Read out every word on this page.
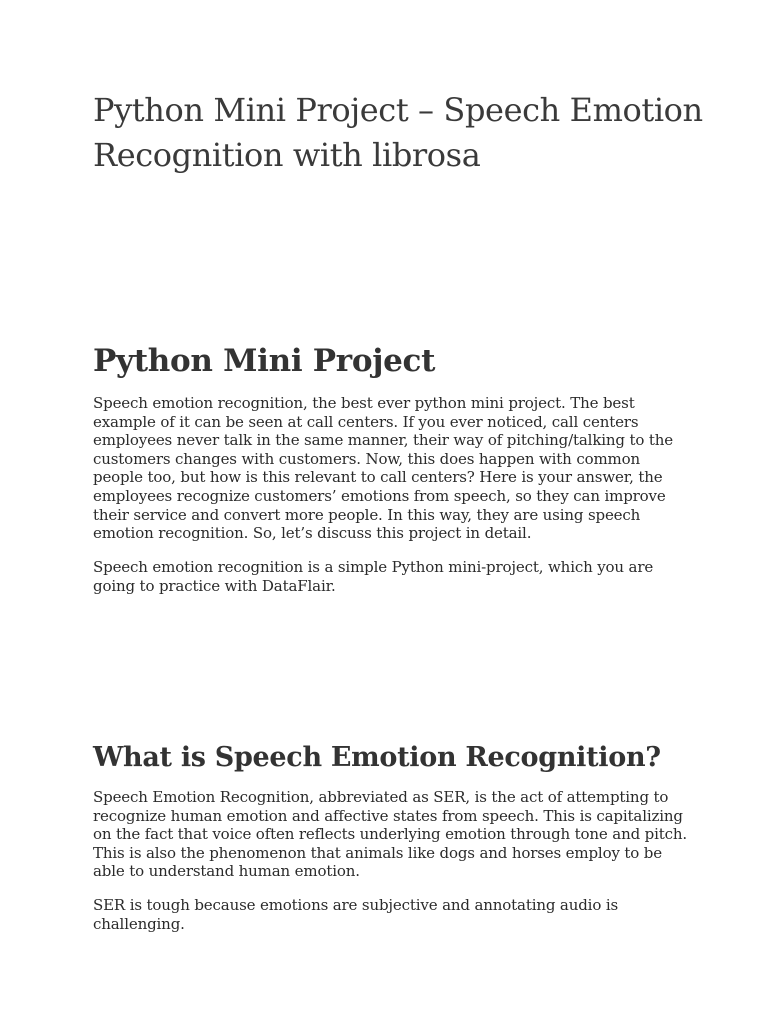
Python Mini Project – Speech Emotion Recognition with librosa
Python Mini Project

Speech emotion recognition, the best ever python mini project. The best example of it can be seen at call centers. If you ever noticed, call centers employees never talk in the same manner, their way of pitching/talking to the customers changes with customers. Now, this does happen with common people too, but how is this relevant to call centers? Here is your answer, the employees recognize customers’ emotions from speech, so they can improve their service and convert more people. In this way, they are using speech emotion recognition. So, let’s discuss this project in detail.

Speech emotion recognition is a simple Python mini-project, which you are going to practice with DataFlair.

What is Speech Emotion Recognition?

Speech Emotion Recognition, abbreviated as SER, is the act of attempting to recognize human emotion and affective states from speech. This is capitalizing on the fact that voice often reflects underlying emotion through tone and pitch. This is also the phenomenon that animals like dogs and horses employ to be able to understand human emotion.

SER is tough because emotions are subjective and annotating audio is challenging.
